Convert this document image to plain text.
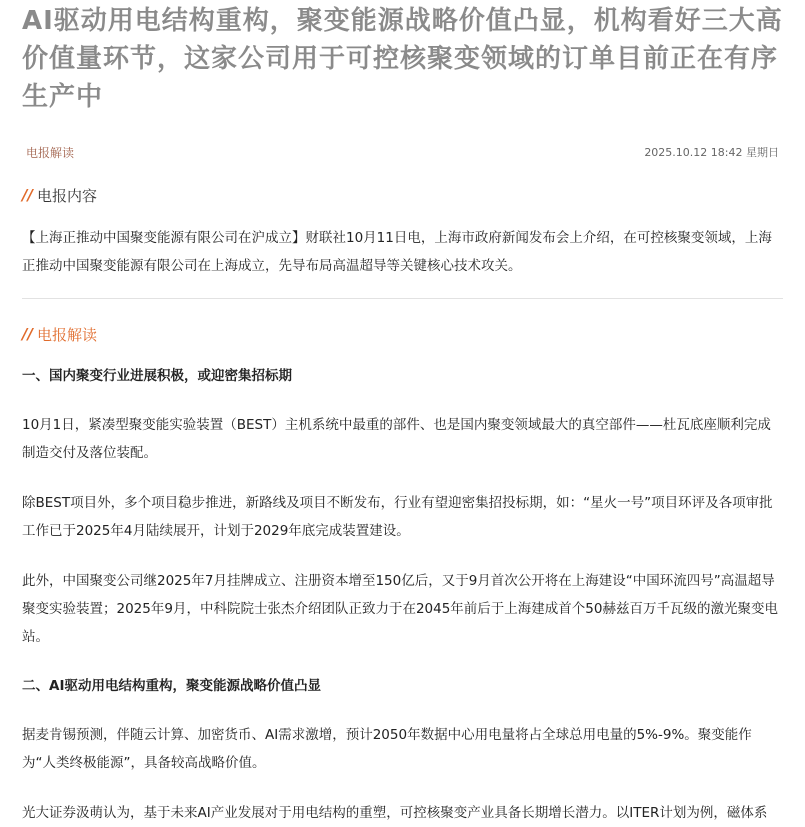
AI驱动用电结构重构，聚变能源战略价值凸显，机构看好三大高价值量环节，这家公司用于可控核聚变领域的订单目前正在有序生产中
电报解读	2025.10.12 18:42 星期日
// 电报内容

【上海正推动中国聚变能源有限公司在沪成立】财联社10月11日电，上海市政府新闻发布会上介绍，在可控核聚变领域，上海正推动中国聚变能源有限公司在上海成立，先导布局高温超导等关键核心技术攻关。

// 电报解读

一、国内聚变行业进展积极，或迎密集招标期

10月1日，紧凑型聚变能实验装置（BEST）主机系统中最重的部件、也是国内聚变领域最大的真空部件——杜瓦底座顺利完成制造交付及落位装配。

除BEST项目外，多个项目稳步推进，新路线及项目不断发布，行业有望迎密集招投标期，如：“星火一号”项目环评及各项审批工作已于2025年4月陆续展开，计划于2029年底完成装置建设。

此外，中国聚变公司继2025年7月挂牌成立、注册资本增至150亿后，又于9月首次公开将在上海建设“中国环流四号”高温超导聚变实验装置；2025年9月，中科院院士张杰介绍团队正致力于在2045年前后于上海建成首个50赫兹百万千瓦级的激光聚变电站。

二、AI驱动用电结构重构，聚变能源战略价值凸显

据麦肯锡预测，伴随云计算、加密货币、AI需求激增，预计2050年数据中心用电量将占全球总用电量的5%-9%。聚变能作为“人类终极能源”，具备较高战略价值。

光大证券汲萌认为，基于未来AI产业发展对于用电结构的重塑，可控核聚变产业具备长期增长潜力。以ITER计划为例，磁体系
